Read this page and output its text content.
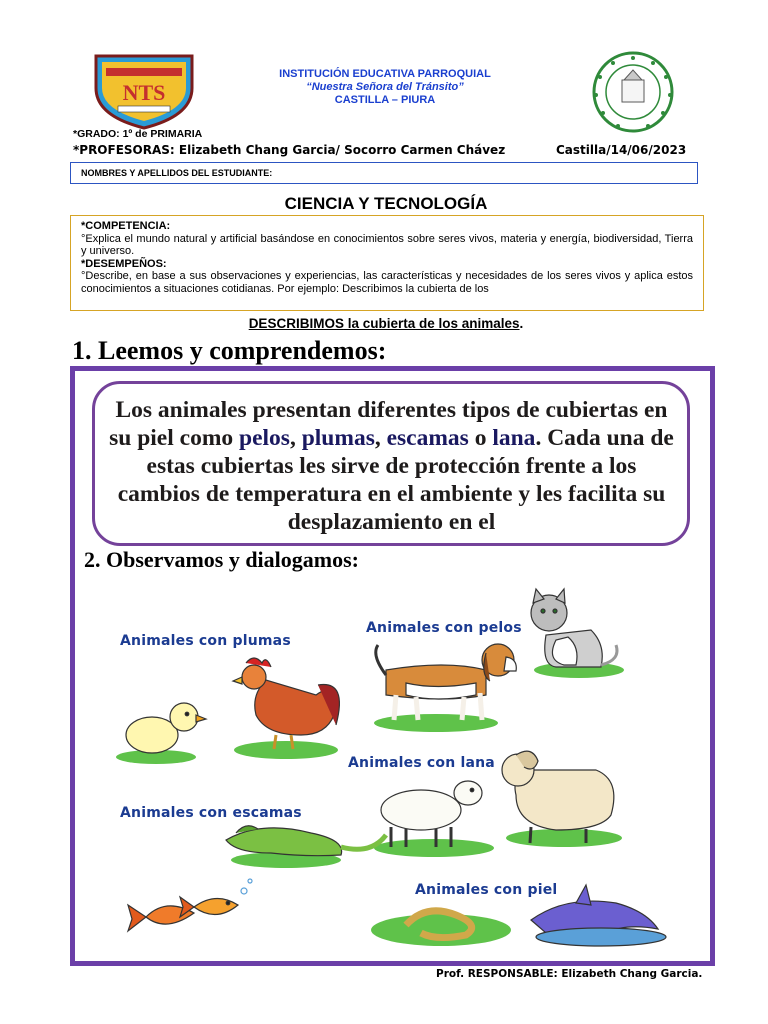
NTS
INSTITUCIÓN EDUCATIVA PARROQUIAL
“Nuestra Señora del Tránsito”
CASTILLA – PIURA
*GRADO: 1º de PRIMARIA
*PROFESORAS: Elizabeth Chang Garcia/ Socorro Carmen Chávez	Castilla/14/06/2023
NOMBRES Y APELLIDOS DEL ESTUDIANTE:
CIENCIA Y TECNOLOGÍA
*COMPETENCIA:
°Explica el mundo natural y artificial basándose en conocimientos sobre seres vivos, materia y energía, biodiversidad, Tierra y universo.
*DESEMPEÑOS:
°Describe, en base a sus observaciones y experiencias, las características y necesidades de los seres vivos y aplica estos conocimientos a situaciones cotidianas. Por ejemplo: Describimos la cubierta de los
DESCRIBIMOS la cubierta de los animales.
1. Leemos y comprendemos:
Los animales presentan diferentes tipos de cubiertas en su piel como pelos, plumas, escamas o lana. Cada una de estas cubiertas les sirve de protección frente a los cambios de temperatura en el ambiente y les facilita su desplazamiento en el
2. Observamos y dialogamos:
Animales con plumas
Animales con pelos
Animales con lana
Animales con escamas
Animales con piel
Prof. RESPONSABLE: Elizabeth Chang Garcia.
